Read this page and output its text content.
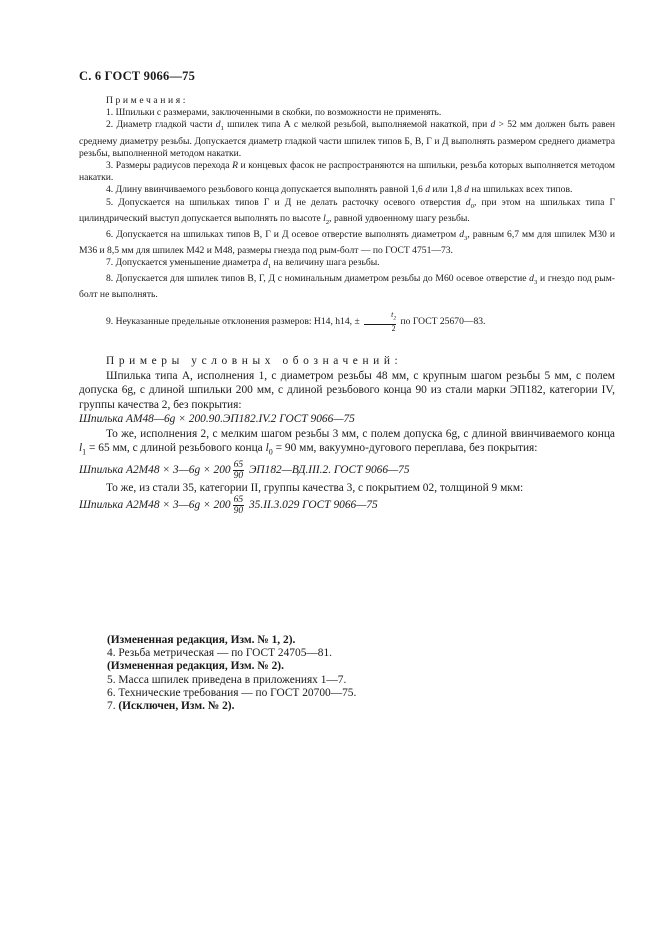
С. 6 ГОСТ 9066—75

Примечания:

1. Шпильки с размерами, заключенными в скобки, по возможности не применять.

2. Диаметр гладкой части $d_1$ шпилек типа А с мелкой резьбой, выполняемой накаткой, при d > 52 мм должен быть равен среднему диаметру резьбы. Допускается диаметр гладкой части шпилек типов Б, В, Г и Д выполнять размером среднего диаметра резьбы, выполненной методом накатки.

3. Размеры радиусов перехода R и концевых фасок не распространяются на шпильки, резьба которых выполняется методом накатки.

4. Длину ввинчиваемого резьбового конца допускается выполнять равной 1,6 d или 1,8 d на шпильках всех типов.

5. Допускается на шпильках типов Г и Д не делать расточку осевого отверстия $d_0$, при этом на шпильках типа Г цилиндрический выступ допускается выполнять по высоте $l_2$, равной удвоенному шагу резьбы.

6. Допускается на шпильках типов В, Г и Д осевое отверстие выполнять диаметром $d_3$, равным 6,7 мм для шпилек М30 и М36 и 8,5 мм для шпилек М42 и М48, размеры гнезда под рым-болт — по ГОСТ 4751—73.

7. Допускается уменьшение диаметра $d_1$ на величину шага резьбы.

8. Допускается для шпилек типов В, Г, Д с номинальным диаметром резьбы до М60 осевое отверстие $d_3$ и гнездо под рым-болт не выполнять.

9. Неуказанные предельные отклонения размеров: Н14, h14, ± $\frac{t_2}{2}$ по ГОСТ 25670—83.

Примеры условных обозначений:

Шпилька типа А, исполнения 1, с диаметром резьбы 48 мм, с крупным шагом резьбы 5 мм, с полем допуска 6g, с длиной шпильки 200 мм, с длиной резьбового конца 90 из стали марки ЭП182, категории IV, группы качества 2, без покрытия:

Шпилька АМ48—6g × 200.90.ЭП182.IV.2 ГОСТ 9066—75

То же, исполнения 2, с мелким шагом резьбы 3 мм, с полем допуска 6g, с длиной ввинчиваемого конца $l_1 = 65$ мм, с длиной резьбового конца $l_0 = 90$ мм, вакуумно-дугового переплава, без покрытия:

Шпилька А2М48 × 3—6g × $200 \frac{65}{90}$ ЭП182—ВД.III.2. ГОСТ 9066—75

То же, из стали 35, категории II, группы качества 3, с покрытием 02, толщиной 9 мкм:

Шпилька А2М48 × 3—6g × $200 \frac{65}{90} 35.II.3.029$ ГОСТ 9066—75

(Измененная редакция, Изм. № 1, 2).

4. Резьба метрическая — по ГОСТ 24705—81.

(Измененная редакция, Изм. № 2).

5. Масса шпилек приведена в приложениях 1—7.

6. Технические требования — по ГОСТ 20700—75.

7. (Исключен, Изм. № 2).
